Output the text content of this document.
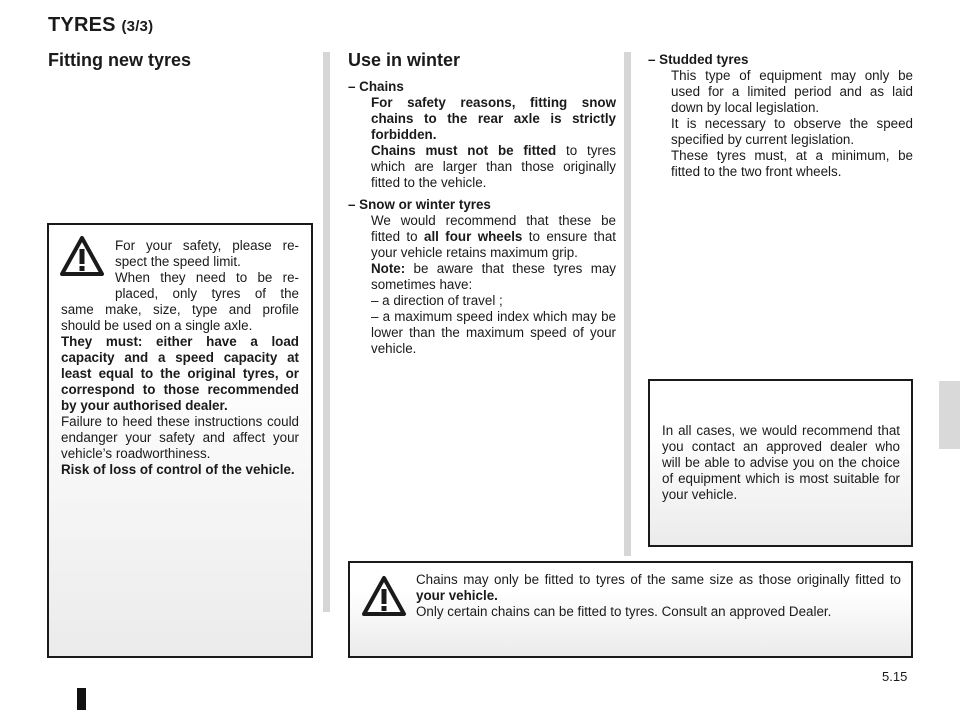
TYRES (3/3)
Fitting new tyres

For your safety, please re-

spect the speed limit.

When they need to be re-

placed, only tyres of the

same make, size, type and profile should be used on a single axle.

They must: either have a load capacity and a speed capacity at least equal to the original tyres, or correspond to those recommended by your authorised dealer.

Failure to heed these instructions could endanger your safety and affect your vehicle’s roadworthiness.

Risk of loss of control of the vehicle.

Use in winter

– Chains

For safety reasons, fitting snow chains to the rear axle is strictly forbidden.

Chains must not be fitted to tyres which are larger than those originally fitted to the vehicle.

– Snow or winter tyres

We would recommend that these be fitted to all four wheels to ensure that your vehicle retains maximum grip.

Note: be aware that these tyres may sometimes have:

– a direction of travel ;

– a maximum speed index which may be lower than the maximum speed of your vehicle.

– Studded tyres

This type of equipment may only be used for a limited period and as laid down by local legislation.

It is necessary to observe the speed specified by current legislation.

These tyres must, at a minimum, be fitted to the two front wheels.

In all cases, we would recommend that you contact an approved dealer who will be able to advise you on the choice of equipment which is most suitable for your vehicle.

Chains may only be fitted to tyres of the same size as those originally fitted to your vehicle.

Only certain chains can be fitted to tyres. Consult an approved Dealer.

5.15
